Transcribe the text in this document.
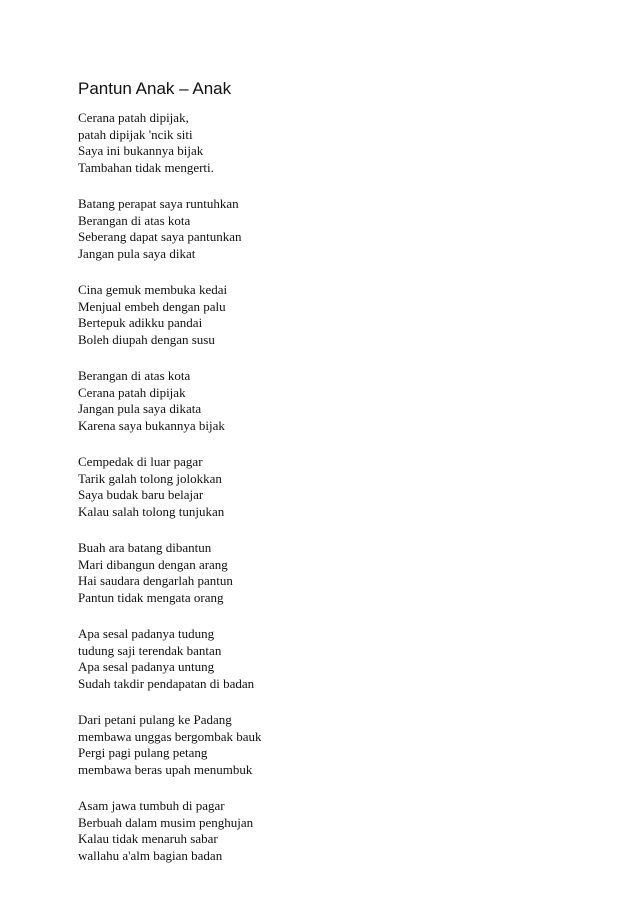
Pantun Anak – Anak
Cerana patah dipijak,
patah dipijak 'ncik siti
Saya ini bukannya bijak
Tambahan tidak mengerti.
Batang perapat saya runtuhkan
Berangan di atas kota
Seberang dapat saya pantunkan
Jangan pula saya dikat
Cina gemuk membuka kedai
Menjual embeh dengan palu
Bertepuk adikku pandai
Boleh diupah dengan susu
Berangan di atas kota
Cerana patah dipijak
Jangan pula saya dikata
Karena saya bukannya bijak
Cempedak di luar pagar
Tarik galah tolong jolokkan
Saya budak baru belajar
Kalau salah tolong tunjukan
Buah ara batang dibantun
Mari dibangun dengan arang
Hai saudara dengarlah pantun
Pantun tidak mengata orang
Apa sesal padanya tudung
tudung saji terendak bantan
Apa sesal padanya untung
Sudah takdir pendapatan di badan
Dari petani pulang ke Padang
membawa unggas bergombak bauk
Pergi pagi pulang petang
membawa beras upah menumbuk
Asam jawa tumbuh di pagar
Berbuah dalam musim penghujan
Kalau tidak menaruh sabar
wallahu a'alm bagian badan
